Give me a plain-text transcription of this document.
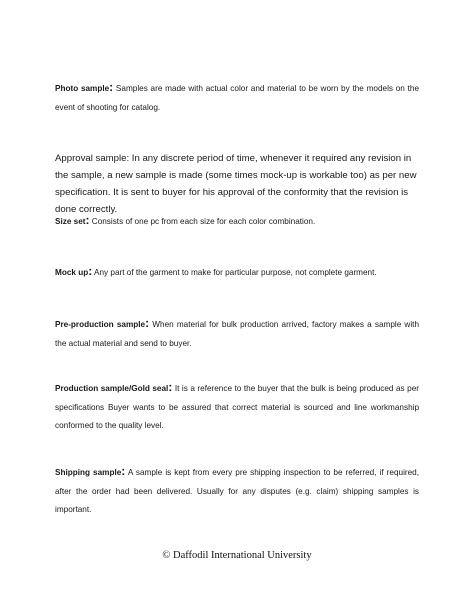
Photo sample: Samples are made with actual color and material to be worn by the models on the event of shooting for catalog.

Approval sample: In any discrete period of time, whenever it required any revision in the sample, a new sample is made (some times mock-up is workable too) as per new specification. It is sent to buyer for his approval of the conformity that the revision is done correctly.

Size set: Consists of one pc from each size for each color combination.

Mock up: Any part of the garment to make for particular purpose, not complete garment.

Pre-production sample: When material for bulk production arrived, factory makes a sample with the actual material and send to buyer.

Production sample/Gold seal: It is a reference to the buyer that the bulk is being produced as per specifications Buyer wants to be assured that correct material is sourced and line workmanship conformed to the quality level.

Shipping sample: A sample is kept from every pre shipping inspection to be referred, if required, after the order had been delivered. Usually for any disputes (e.g. claim) shipping samples is important.

© Daffodil International University
